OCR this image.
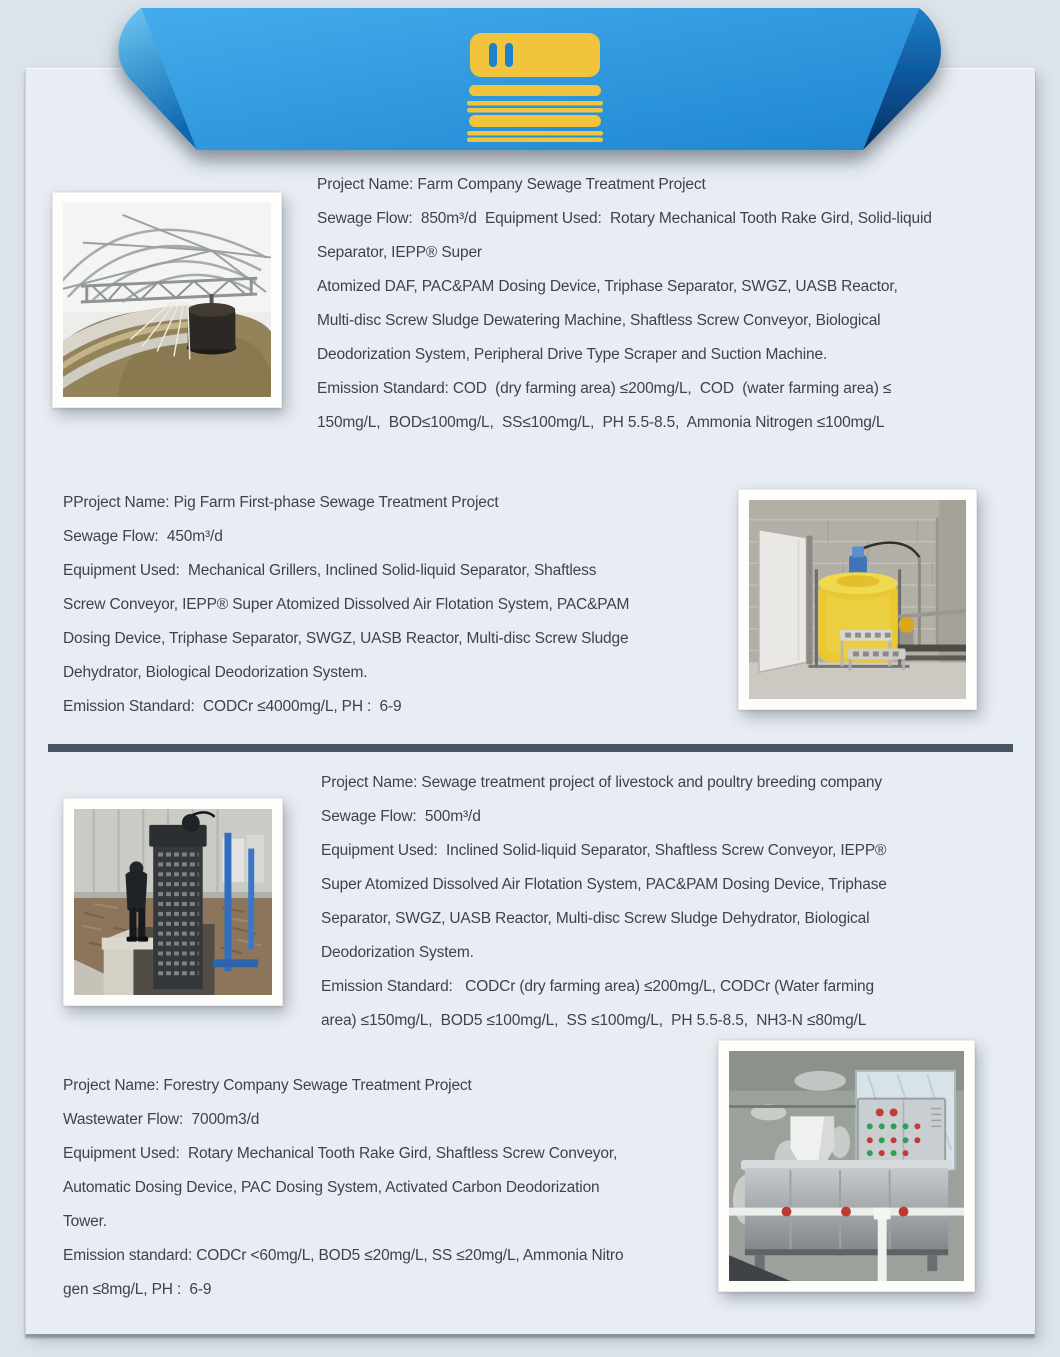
Project Name: Farm Company Sewage Treatment Project
Sewage Flow:  850m³/d  Equipment Used:  Rotary Mechanical Tooth Rake Gird, Solid-liquid
Separator, IEPP® Super
Atomized DAF, PAC&PAM Dosing Device, Triphase Separator, SWGZ, UASB Reactor,
Multi-disc Screw Sludge Dewatering Machine, Shaftless Screw Conveyor, Biological
Deodorization System, Peripheral Drive Type Scraper and Suction Machine.
Emission Standard: COD  (dry farming area) ≤200mg/L,  COD  (water farming area) ≤
150mg/L,  BOD≤100mg/L,  SS≤100mg/L,  PH 5.5-8.5,  Ammonia Nitrogen ≤100mg/L
PProject Name: Pig Farm First-phase Sewage Treatment Project
Sewage Flow:  450m³/d
Equipment Used:  Mechanical Grillers, Inclined Solid-liquid Separator, Shaftless
Screw Conveyor, IEPP® Super Atomized Dissolved Air Flotation System, PAC&PAM
Dosing Device, Triphase Separator, SWGZ, UASB Reactor, Multi-disc Screw Sludge
Dehydrator, Biological Deodorization System.
Emission Standard:  CODCr ≤4000mg/L, PH :  6-9
Project Name: Sewage treatment project of livestock and poultry breeding company
Sewage Flow:  500m³/d
Equipment Used:  Inclined Solid-liquid Separator, Shaftless Screw Conveyor, IEPP®
Super Atomized Dissolved Air Flotation System, PAC&PAM Dosing Device, Triphase
Separator, SWGZ, UASB Reactor, Multi-disc Screw Sludge Dehydrator, Biological
Deodorization System.
Emission Standard:   CODCr (dry farming area) ≤200mg/L, CODCr (Water farming
area) ≤150mg/L,  BOD5 ≤100mg/L,  SS ≤100mg/L,  PH 5.5-8.5,  NH3-N ≤80mg/L
Project Name: Forestry Company Sewage Treatment Project
Wastewater Flow:  7000m3/d
Equipment Used:  Rotary Mechanical Tooth Rake Gird, Shaftless Screw Conveyor,
Automatic Dosing Device, PAC Dosing System, Activated Carbon Deodorization
Tower.
Emission standard: CODCr <60mg/L, BOD5 ≤20mg/L, SS ≤20mg/L, Ammonia Nitro
gen ≤8mg/L, PH :  6-9
